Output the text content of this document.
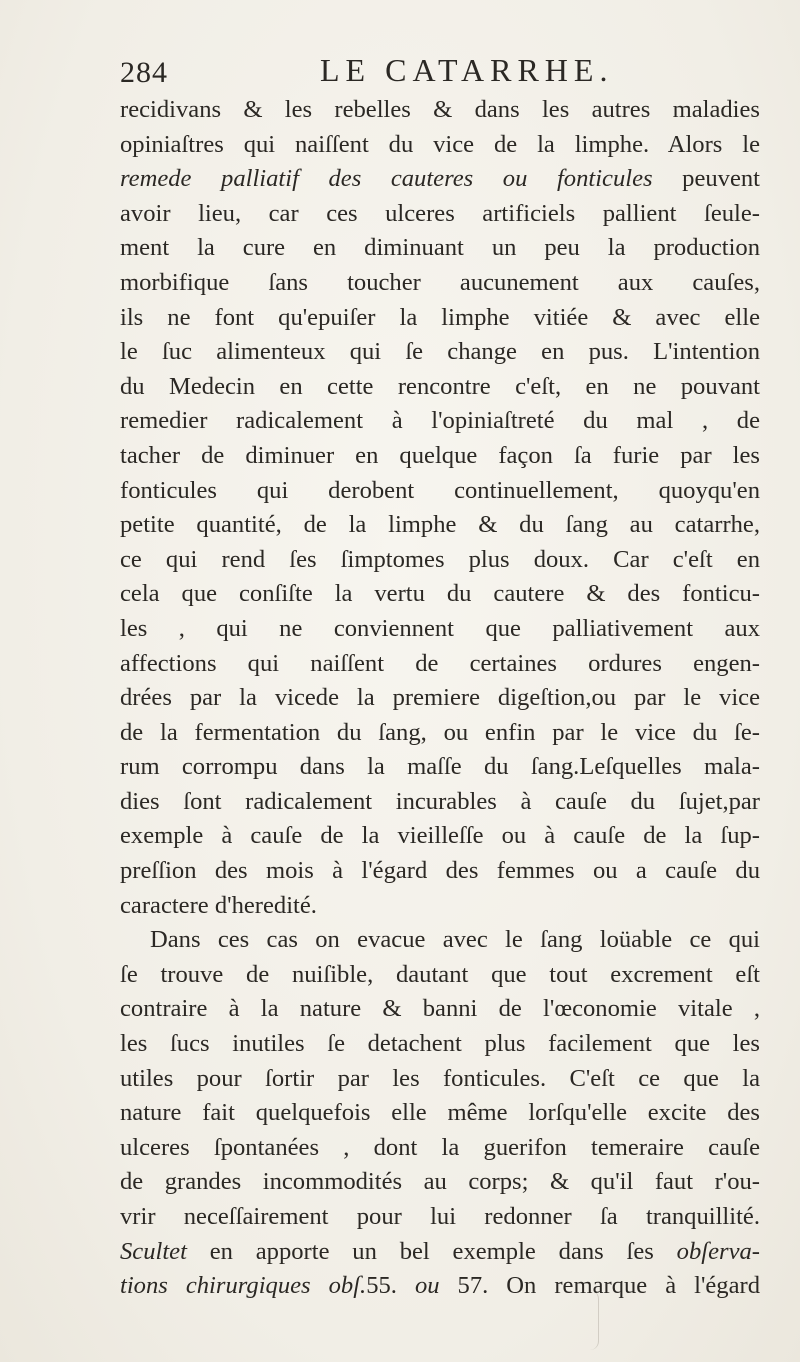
284	LE CATARRHE.
recidivans & les rebelles & dans les autres maladies
opiniaſtres qui naiſſent du vice de la limphe. Alors le
remede palliatif des cauteres ou fonticules peuvent
avoir lieu, car ces ulceres artificiels pallient ſeule-
ment la cure en diminuant un peu la production
morbifique ſans toucher aucunement aux cauſes,
ils ne font qu'epuiſer la limphe vitiée & avec elle
le ſuc alimenteux qui ſe change en pus. L'intention
du Medecin en cette rencontre c'eſt, en ne pouvant
remedier radicalement à l'opiniaſtreté du mal , de
tacher de diminuer en quelque façon ſa furie par les
fonticules qui derobent continuellement, quoyqu'en
petite quantité, de la limphe & du ſang au catarrhe,
ce qui rend ſes ſimptomes plus doux. Car c'eſt en
cela que conſiſte la vertu du cautere & des fonticu-
les , qui ne conviennent que palliativement aux
affections qui naiſſent de certaines ordures engen-
drées par la vicede la premiere digeſtion,ou par le vice
de la fermentation du ſang, ou enfin par le vice du ſe-
rum corrompu dans la maſſe du ſang.Leſquelles mala-
dies ſont radicalement incurables à cauſe du ſujet,par
exemple à cauſe de la vieilleſſe ou à cauſe de la ſup-
preſſion des mois à l'égard des femmes ou a cauſe du
caractere d'heredité.
Dans ces cas on evacue avec le ſang loüable ce qui
ſe trouve de nuiſible, dautant que tout excrement eſt
contraire à la nature & banni de l'œconomie vitale ,
les ſucs inutiles ſe detachent plus facilement que les
utiles pour ſortir par les fonticules. C'eſt ce que la
nature fait quelquefois elle même lorſqu'elle excite des
ulceres ſpontanées , dont la guerifon temeraire cauſe
de grandes incommodités au corps; & qu'il faut r'ou-
vrir neceſſairement pour lui redonner ſa tranquillité.
Scultet en apporte un bel exemple dans ſes obſerva-
tions chirurgiques obſ.55. ou 57. On remarque à l'égard
